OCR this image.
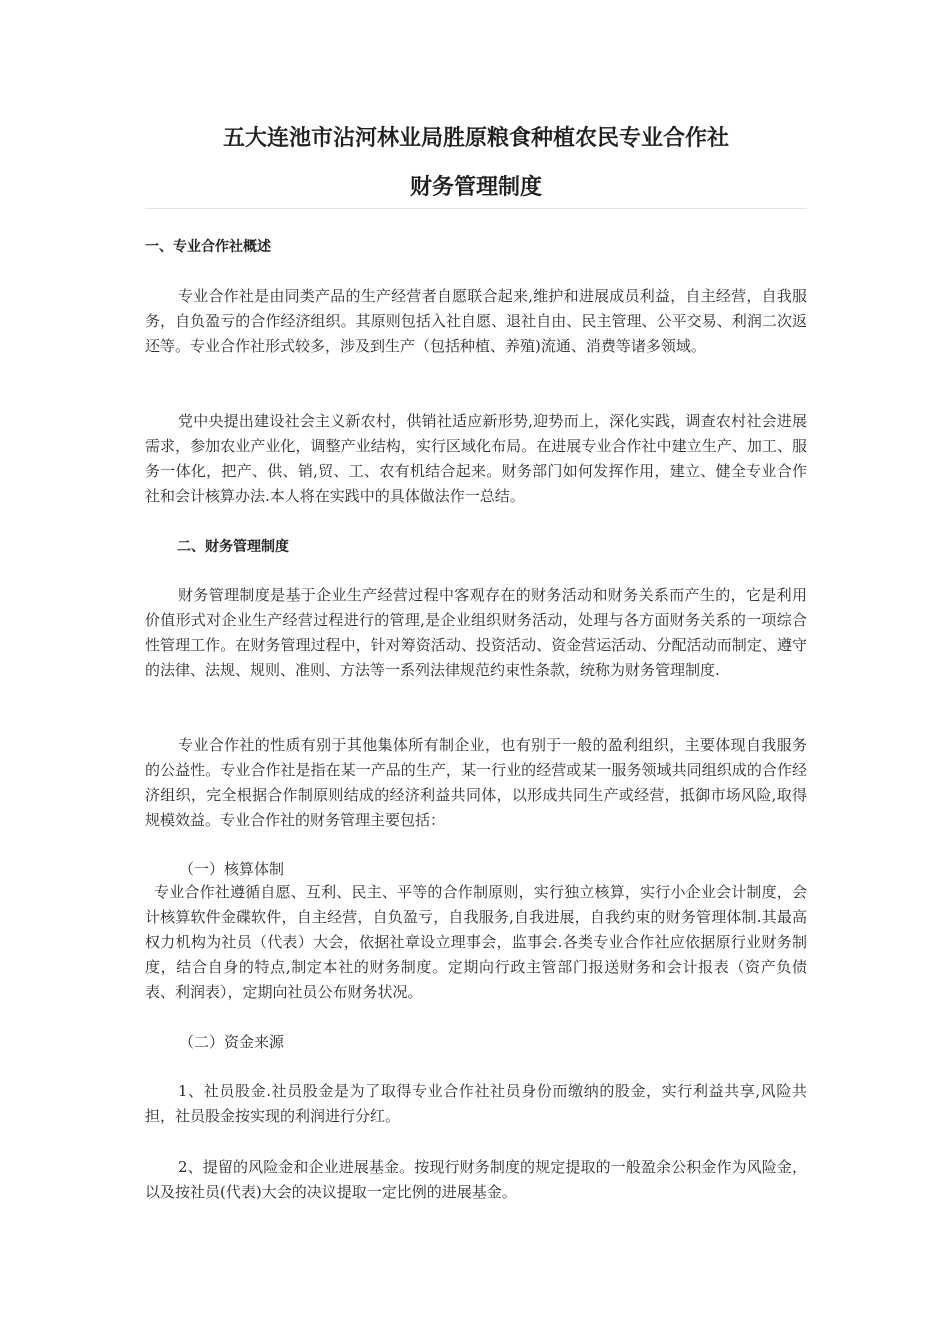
五大连池市沾河林业局胜原粮食种植农民专业合作社
财务管理制度
一、专业合作社概述
专业合作社是由同类产品的生产经营者自愿联合起来,维护和进展成员利益，自主经营，自我服务，自负盈亏的合作经济组织。其原则包括入社自愿、退社自由、民主管理、公平交易、利润二次返还等。专业合作社形式较多，涉及到生产（包括种植、养殖)流通、消费等诸多领域。
党中央提出建设社会主义新农村，供销社适应新形势,迎势而上，深化实践，调查农村社会进展需求，参加农业产业化，调整产业结构，实行区域化布局。在进展专业合作社中建立生产、加工、服务一体化，把产、供、销,贸、工、农有机结合起来。财务部门如何发挥作用，建立、健全专业合作社和会计核算办法.本人将在实践中的具体做法作一总结。
二、财务管理制度
财务管理制度是基于企业生产经营过程中客观存在的财务活动和财务关系而产生的，它是利用价值形式对企业生产经营过程进行的管理,是企业组织财务活动，处理与各方面财务关系的一项综合性管理工作。在财务管理过程中，针对筹资活动、投资活动、资金营运活动、分配活动而制定、遵守的法律、法规、规则、准则、方法等一系列法律规范约束性条款，统称为财务管理制度.
专业合作社的性质有别于其他集体所有制企业，也有别于一般的盈利组织，主要体现自我服务的公益性。专业合作社是指在某一产品的生产，某一行业的经营或某一服务领域共同组织成的合作经济组织，完全根据合作制原则结成的经济利益共同体，以形成共同生产或经营，抵御市场风险,取得规模效益。专业合作社的财务管理主要包括：
（一）核算体制
专业合作社遵循自愿、互利、民主、平等的合作制原则，实行独立核算，实行小企业会计制度，会计核算软件金碟软件，自主经营，自负盈亏，自我服务,自我进展，自我约束的财务管理体制.其最高权力机构为社员（代表）大会，依据社章设立理事会，监事会.各类专业合作社应依据原行业财务制度，结合自身的特点,制定本社的财务制度。定期向行政主管部门报送财务和会计报表（资产负债表、利润表），定期向社员公布财务状况。
（二）资金来源
1、社员股金.社员股金是为了取得专业合作社社员身份而缴纳的股金，实行利益共享,风险共担，社员股金按实现的利润进行分红。
2、提留的风险金和企业进展基金。按现行财务制度的规定提取的一般盈余公积金作为风险金，以及按社员(代表)大会的决议提取一定比例的进展基金。
